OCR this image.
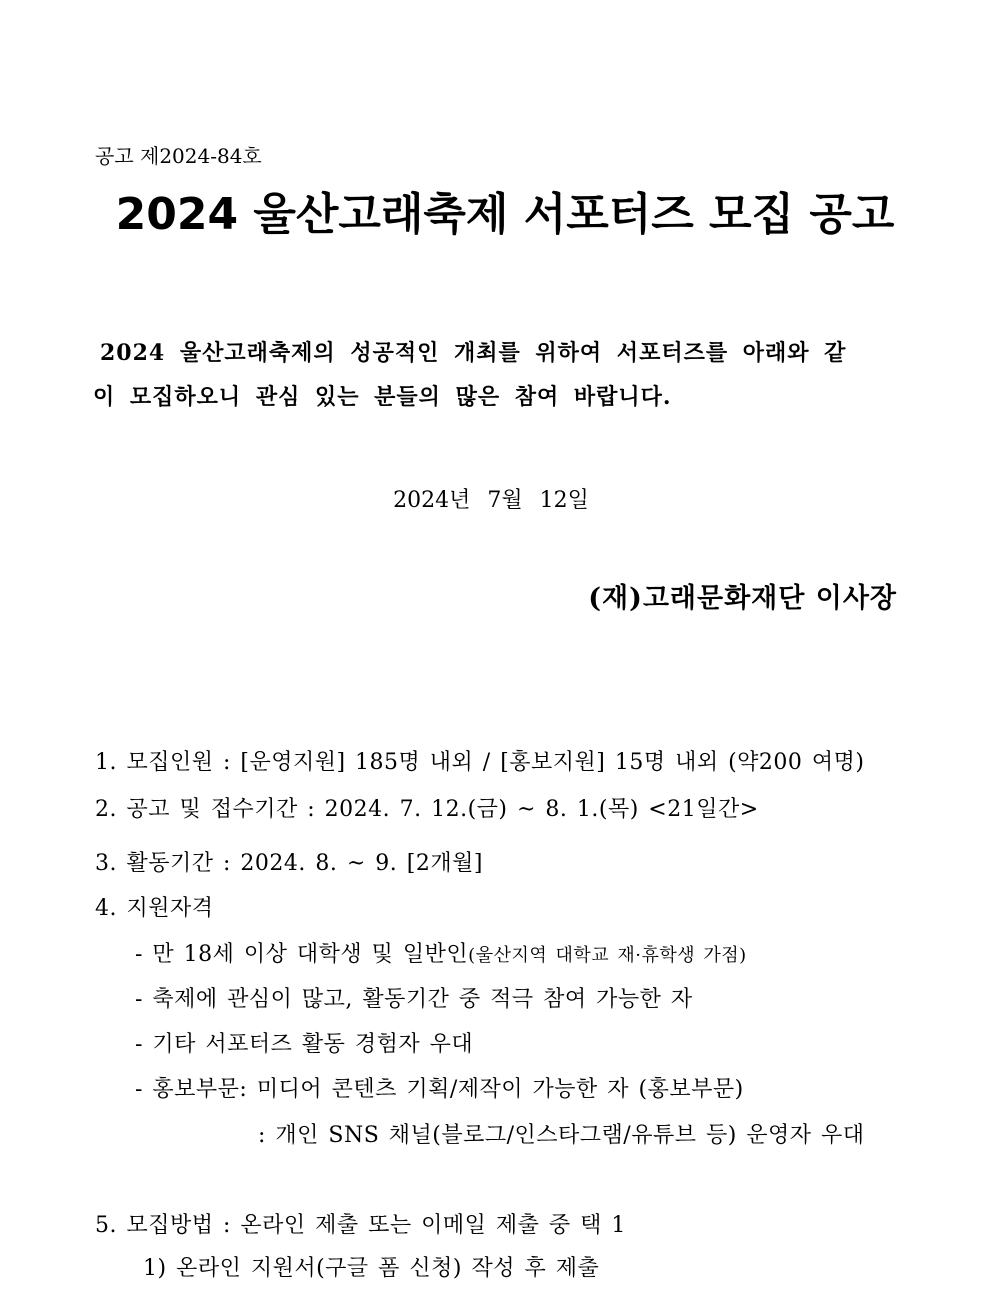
공고 제2024-84호
2024 울산고래축제 서포터즈 모집 공고
2024 울산고래축제의 성공적인 개최를 위하여 서포터즈를 아래와 같
이 모집하오니 관심 있는 분들의 많은 참여 바랍니다.
2024년 7월 12일
(재)고래문화재단 이사장
1. 모집인원 : [운영지원] 185명 내외 / [홍보지원] 15명 내외 (약200 여명)
2. 공고 및 접수기간 : 2024. 7. 12.(금) ~ 8. 1.(목) <21일간>
3. 활동기간 : 2024. 8. ~ 9. [2개월]
4. 지원자격
- 만 18세 이상 대학생 및 일반인(울산지역 대학교 재·휴학생 가점)
- 축제에 관심이 많고, 활동기간 중 적극 참여 가능한 자
- 기타 서포터즈 활동 경험자 우대
- 홍보부문: 미디어 콘텐츠 기획/제작이 가능한 자 (홍보부문)
: 개인 SNS 채널(블로그/인스타그램/유튜브 등) 운영자 우대
5. 모집방법 : 온라인 제출 또는 이메일 제출 중 택 1
1) 온라인 지원서(구글 폼 신청) 작성 후 제출
